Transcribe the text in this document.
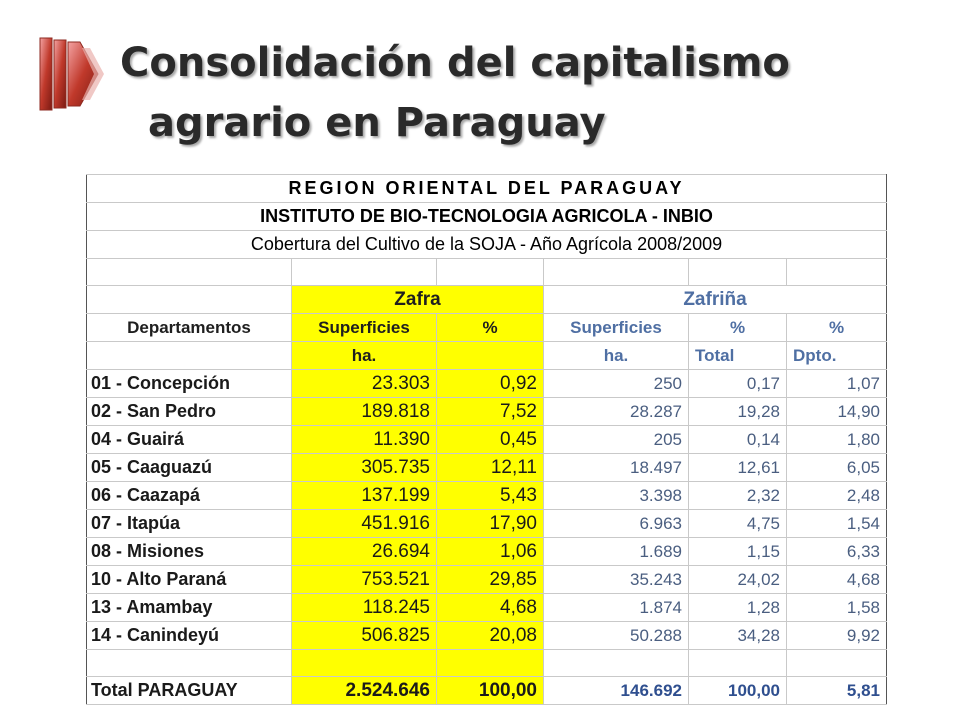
Consolidación del capitalismo
agrario en Paraguay
REGION ORIENTAL DEL PARAGUAY					
INSTITUTO DE BIO-TECNOLOGIA AGRICOLA - INBIO					
Cobertura del Cultivo de la SOJA - Año Agrícola 2008/2009					

	Zafra		Zafriña		
Departamentos	Superficies	%	Superficies	%	%
	ha.		ha.	Total	Dpto.
01 - Concepción	23.303	0,92	250	0,17	1,07
02 - San Pedro	189.818	7,52	28.287	19,28	14,90
04 - Guairá	11.390	0,45	205	0,14	1,80
05 - Caaguazú	305.735	12,11	18.497	12,61	6,05
06 - Caazapá	137.199	5,43	3.398	2,32	2,48
07 - Itapúa	451.916	17,90	6.963	4,75	1,54
08 - Misiones	26.694	1,06	1.689	1,15	6,33
10 - Alto Paraná	753.521	29,85	35.243	24,02	4,68
13 - Amambay	118.245	4,68	1.874	1,28	1,58
14 - Canindeyú	506.825	20,08	50.288	34,28	9,92

Total PARAGUAY	2.524.646	100,00	146.692	100,00	5,81
